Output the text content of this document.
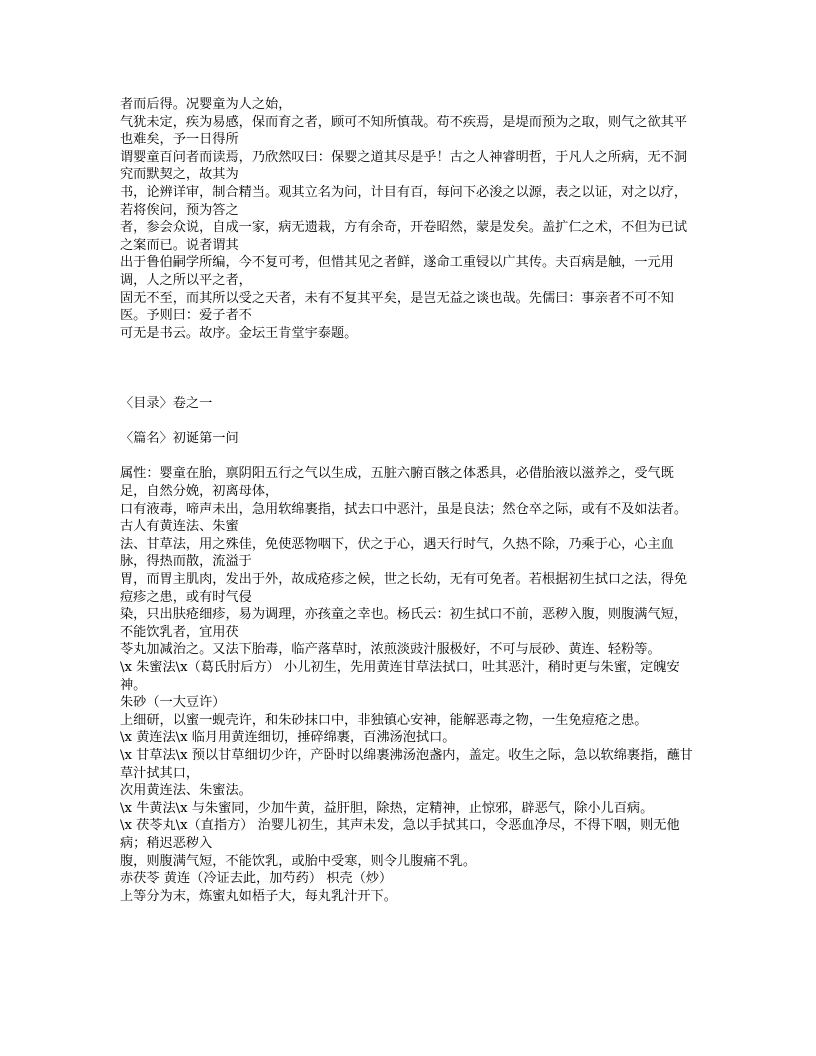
者而后得。况婴童为人之始，

气犹未定，疾为易感，保而育之者，顾可不知所慎哉。苟不疾焉，是堤而预为之取，则气之欲其平也难矣，予一日得所

谓婴童百问者而读焉，乃欣然叹曰：保婴之道其尽是乎！古之人神睿明哲，于凡人之所病，无不洞究而默契之，故其为

书，论辨详审，制合精当。观其立名为问，计目有百，每问下必浚之以源，表之以证，对之以疗，若将俟问，预为答之

者，参会众说，自成一家，病无遗栽，方有余奇，开卷昭然，蒙是发矣。盖扩仁之术，不但为已试之案而已。说者谓其

出于鲁伯嗣学所编，今不复可考，但惜其见之者鲜，遂命工重锓以广其传。夫百病是触，一元用调，人之所以平之者，

固无不至，而其所以受之天者，未有不复其平矣，是岂无益之谈也哉。先儒曰：事亲者不可不知医。予则曰：爱子者不

可无是书云。故序。金坛王肯堂宇泰题。

〈目录〉卷之一

〈篇名〉初诞第一问

属性：婴童在胎，禀阴阳五行之气以生成，五脏六腑百骸之体悉具，必借胎液以滋养之，受气既足，自然分娩，初离母体，

口有液毒，啼声未出，急用软绵裹指，拭去口中恶汁，虽是良法；然仓卒之际，或有不及如法者。古人有黄连法、朱蜜

法、甘草法，用之殊佳，免使恶物咽下，伏之于心，遇天行时气，久热不除，乃乘于心，心主血脉，得热而散，流溢于

胃，而胃主肌肉，发出于外，故成疮疹之候，世之长幼，无有可免者。若根据初生拭口之法，得免痘疹之患，或有时气侵

染，只出肤疮细疹，易为调理，亦孩童之幸也。杨氏云：初生拭口不前，恶秽入腹，则腹满气短，不能饮乳者，宜用茯

苓丸加减治之。又法下胎毒，临产落草时，浓煎淡豉汁服极好，不可与辰砂、黄连、轻粉等。

\x 朱蜜法\x（葛氏肘后方） 小儿初生，先用黄连甘草法拭口，吐其恶汁，稍时更与朱蜜，定魄安神。

朱砂（一大豆许）

上细研，以蜜一蚬壳许，和朱砂抹口中，非独镇心安神，能解恶毒之物，一生免痘疮之患。

\x 黄连法\x 临月用黄连细切，捶碎绵裹，百沸汤泡拭口。

\x 甘草法\x 预以甘草细切少许，产卧时以绵裹沸汤泡盏内，盖定。收生之际，急以软绵裹指，蘸甘草汁拭其口，

次用黄连法、朱蜜法。

\x 牛黄法\x 与朱蜜同，少加牛黄，益肝胆，除热，定精神，止惊邪，辟恶气，除小儿百病。

\x 茯苓丸\x（直指方） 治婴儿初生，其声未发，急以手拭其口，令恶血净尽，不得下咽，则无他病；稍迟恶秽入

腹，则腹满气短，不能饮乳，或胎中受寒，则令儿腹痛不乳。

赤茯苓 黄连（冷证去此，加芍药） 枳壳（炒）

上等分为末，炼蜜丸如梧子大，每丸乳汁开下。
